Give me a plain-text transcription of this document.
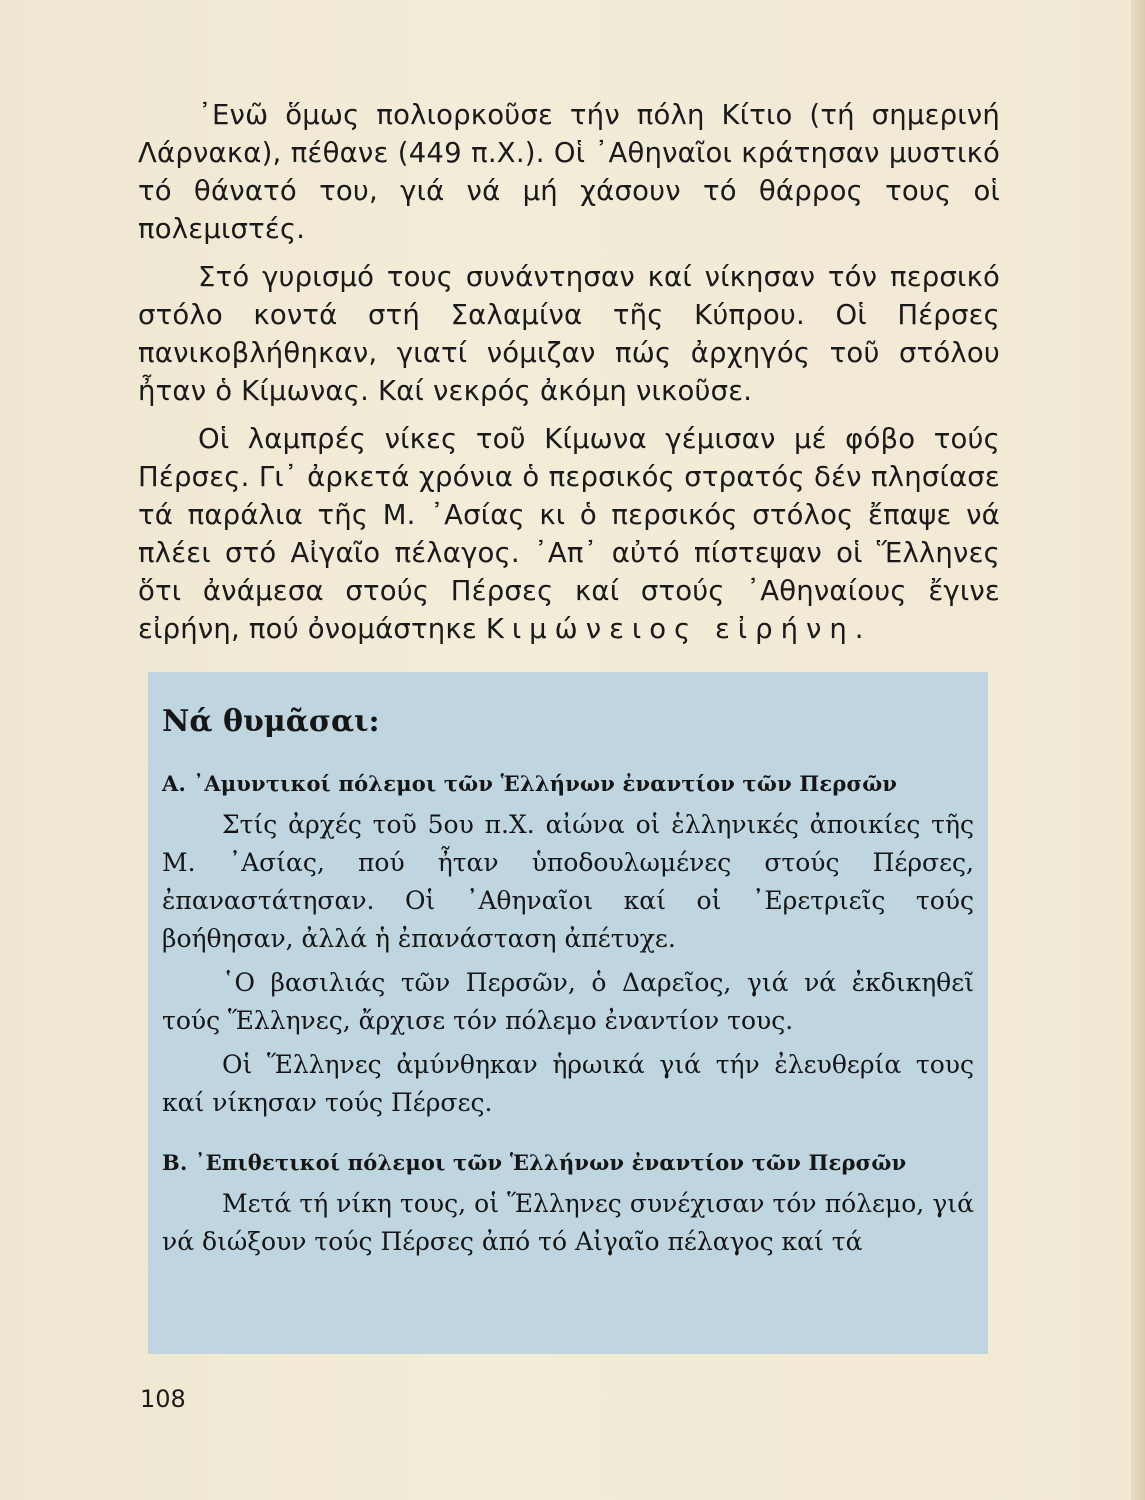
᾿Ενῶ ὅμως πολιορκοῦσε τήν πόλη Κίτιο (τή σημερινή Λάρνακα), πέθανε (449 π.Χ.). Οἱ ᾿Αθηναῖοι κράτησαν μυστικό τό θάνατό του, γιά νά μή χάσουν τό θάρρος τους οἱ πολεμιστές.

Στό γυρισμό τους συνάντησαν καί νίκησαν τόν περσικό στόλο κοντά στή Σαλαμίνα τῆς Κύπρου. Οἱ Πέρσες πανικοβλήθηκαν, γιατί νόμιζαν πώς ἀρχηγός τοῦ στόλου ἦταν ὁ Κίμωνας. Καί νεκρός ἀκόμη νικοῦσε.

Οἱ λαμπρές νίκες τοῦ Κίμωνα γέμισαν μέ φόβο τούς Πέρσες. Γι᾿ ἀρκετά χρόνια ὁ περσικός στρατός δέν πλησίασε τά παράλια τῆς Μ. ᾿Ασίας κι ὁ περσικός στόλος ἔπαψε νά πλέει στό Αἰγαῖο πέλαγος. ᾿Απ᾿ αὐτό πίστεψαν οἱ Ἕλληνες ὅτι ἀνάμεσα στούς Πέρσες καί στούς ᾿Αθηναίους ἔγινε εἰρήνη, πού ὀνομάστηκε Κιμώνειος εἰρήνη.

Νά θυμᾶσαι:
Α. ᾿Αμυντικοί πόλεμοι τῶν Ἑλλήνων ἐναντίον τῶν Περσῶν

Στίς ἀρχές τοῦ 5ου π.Χ. αἰώνα οἱ ἑλληνικές ἀποικίες τῆς Μ. ᾿Ασίας, πού ἦταν ὑποδουλωμένες στούς Πέρσες, ἐπαναστάτησαν. Οἱ ᾿Αθηναῖοι καί οἱ ᾿Ερετριεῖς τούς βοήθησαν, ἀλλά ἡ ἐπανάσταση ἀπέτυχε.

῾Ο βασιλιάς τῶν Περσῶν, ὁ Δαρεῖος, γιά νά ἐκδικηθεῖ τούς Ἕλληνες, ἄρχισε τόν πόλεμο ἐναντίον τους.

Οἱ Ἕλληνες ἀμύνθηκαν ἡρωικά γιά τήν ἐλευθερία τους καί νίκησαν τούς Πέρσες.

Β. ᾿Επιθετικοί πόλεμοι τῶν Ἑλλήνων ἐναντίον τῶν Περσῶν

Μετά τή νίκη τους, οἱ Ἕλληνες συνέχισαν τόν πόλεμο, γιά νά διώξουν τούς Πέρσες ἀπό τό Αἰγαῖο πέλαγος καί τά

108
